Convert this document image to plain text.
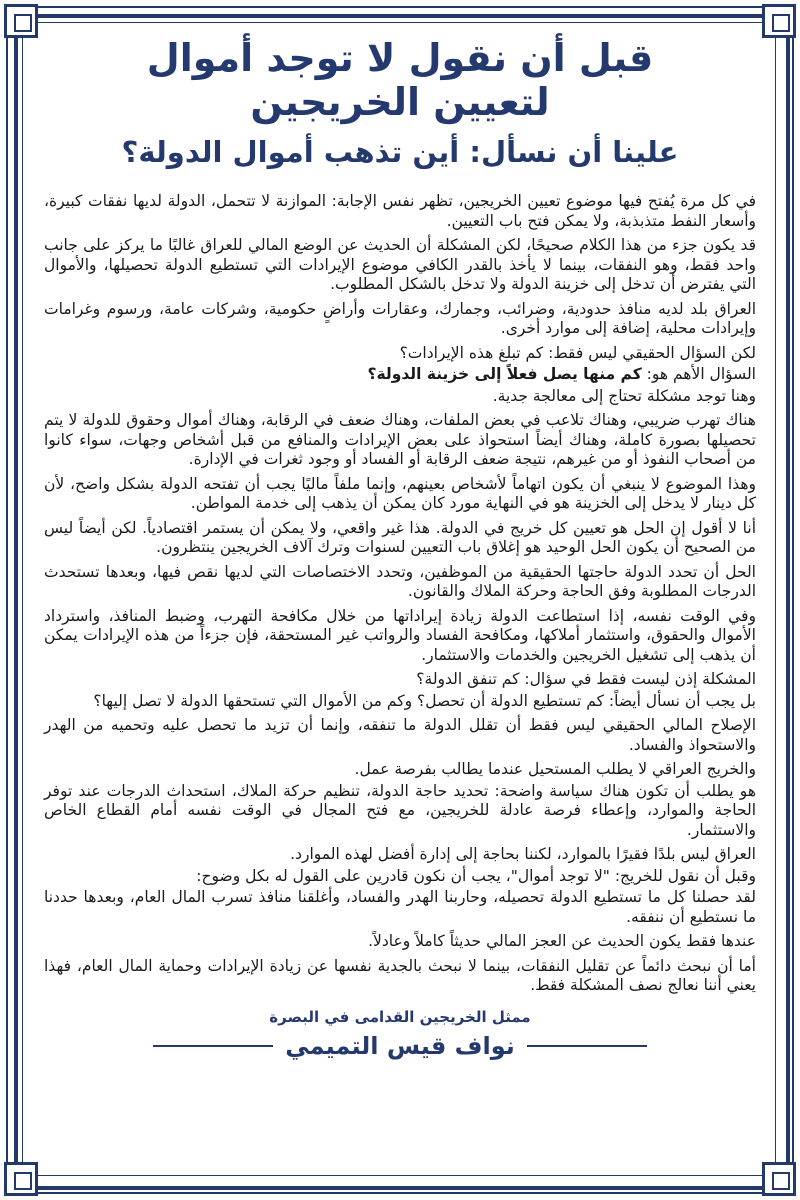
قبل أن نقول لا توجد أموال
لتعيين الخريجين
علينا أن نسأل: أين تذهب أموال الدولة؟

في كل مرة يُفتح فيها موضوع تعيين الخريجين، تظهر نفس الإجابة: الموازنة لا تتحمل، الدولة لديها نفقات كبيرة، وأسعار النفط متذبذبة، ولا يمكن فتح باب التعيين.

قد يكون جزء من هذا الكلام صحيحًا، لكن المشكلة أن الحديث عن الوضع المالي للعراق غالبًا ما يركز على جانب واحد فقط، وهو النفقات، بينما لا يأخذ بالقدر الكافي موضوع الإيرادات التي تستطيع الدولة تحصيلها، والأموال التي يفترض أن تدخل إلى خزينة الدولة ولا تدخل بالشكل المطلوب.

العراق بلد لديه منافذ حدودية، وضرائب، وجمارك، وعقارات وأراضٍ حكومية، وشركات عامة، ورسوم وغرامات وإيرادات محلية، إضافة إلى موارد أخرى.

لكن السؤال الحقيقي ليس فقط: كم تبلغ هذه الإيرادات؟

السؤال الأهم هو: كم منها يصل فعلاً إلى خزينة الدولة؟

وهنا توجد مشكلة تحتاج إلى معالجة جدية.

هناك تهرب ضريبي، وهناك تلاعب في بعض الملفات، وهناك ضعف في الرقابة، وهناك أموال وحقوق للدولة لا يتم تحصيلها بصورة كاملة، وهناك أيضاً استحواذ على بعض الإيرادات والمنافع من قبل أشخاص وجهات، سواء كانوا من أصحاب النفوذ أو من غيرهم، نتيجة ضعف الرقابة أو الفساد أو وجود ثغرات في الإدارة.

وهذا الموضوع لا ينبغي أن يكون اتهاماً لأشخاص بعينهم، وإنما ملفاً ماليًا يجب أن تفتحه الدولة بشكل واضح، لأن كل دينار لا يدخل إلى الخزينة هو في النهاية مورد كان يمكن أن يذهب إلى خدمة المواطن.

أنا لا أقول إن الحل هو تعيين كل خريج في الدولة. هذا غير واقعي، ولا يمكن أن يستمر اقتصادياً. لكن أيضاً ليس من الصحيح أن يكون الحل الوحيد هو إغلاق باب التعيين لسنوات وترك آلاف الخريجين ينتظرون.

الحل أن تحدد الدولة حاجتها الحقيقية من الموظفين، وتحدد الاختصاصات التي لديها نقص فيها، وبعدها تستحدث الدرجات المطلوبة وفق الحاجة وحركة الملاك والقانون.

وفي الوقت نفسه، إذا استطاعت الدولة زيادة إيراداتها من خلال مكافحة التهرب، وضبط المنافذ، واسترداد الأموال والحقوق، واستثمار أملاكها، ومكافحة الفساد والرواتب غير المستحقة، فإن جزءاً من هذه الإيرادات يمكن أن يذهب إلى تشغيل الخريجين والخدمات والاستثمار.

المشكلة إذن ليست فقط في سؤال: كم تنفق الدولة؟

بل يجب أن نسأل أيضاً: كم تستطيع الدولة أن تحصل؟ وكم من الأموال التي تستحقها الدولة لا تصل إليها؟

الإصلاح المالي الحقيقي ليس فقط أن تقلل الدولة ما تنفقه، وإنما أن تزيد ما تحصل عليه وتحميه من الهدر والاستحواذ والفساد.

والخريج العراقي لا يطلب المستحيل عندما يطالب بفرصة عمل.

هو يطلب أن تكون هناك سياسة واضحة: تحديد حاجة الدولة، تنظيم حركة الملاك، استحداث الدرجات عند توفر الحاجة والموارد، وإعطاء فرصة عادلة للخريجين، مع فتح المجال في الوقت نفسه أمام القطاع الخاص والاستثمار.

العراق ليس بلدًا فقيرًا بالموارد، لكننا بحاجة إلى إدارة أفضل لهذه الموارد.

وقبل أن نقول للخريج: "لا توجد أموال"، يجب أن نكون قادرين على القول له بكل وضوح:

لقد حصلنا كل ما تستطيع الدولة تحصيله، وحاربنا الهدر والفساد، وأغلقنا منافذ تسرب المال العام، وبعدها حددنا ما نستطيع أن ننفقه.

عندها فقط يكون الحديث عن العجز المالي حديثاً كاملاً وعادلاً.

أما أن نبحث دائماً عن تقليل النفقات، بينما لا نبحث بالجدية نفسها عن زيادة الإيرادات وحماية المال العام، فهذا يعني أننا نعالج نصف المشكلة فقط.

ممثل الخريجين القدامى في البصرة
نواف قيس التميمي
